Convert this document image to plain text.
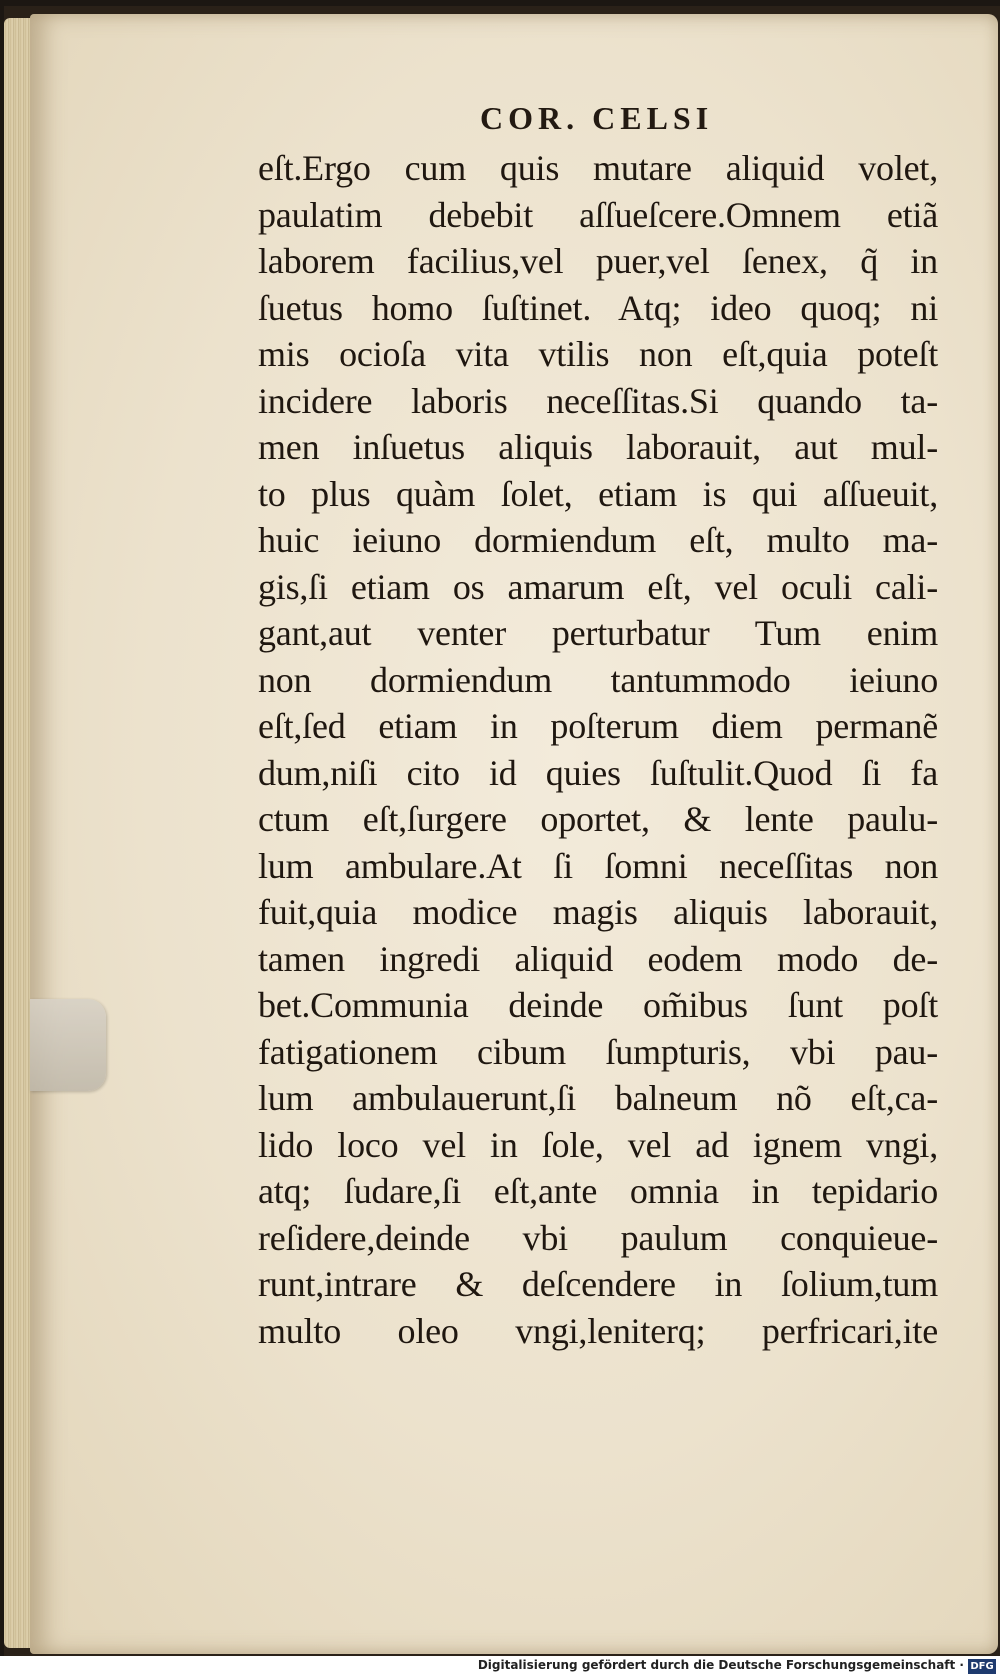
COR. CELSI
eſt.Ergo cum quis mutare aliquid volet,
paulatim debebit aſſueſcere.Omnem etiã
laborem facilius,vel puer,vel ſenex, q̃ in
ſuetus homo ſuſtinet. Atq; ideo quoq; ni
mis ocioſa vita vtilis non eſt,quia poteſt
incidere laboris neceſſitas.Si quando ta-
men inſuetus aliquis laborauit, aut mul-
to plus quàm ſolet, etiam is qui aſſueuit,
huic ieiuno dormiendum eſt, multo ma-
gis,ſi etiam os amarum eſt, vel oculi cali-
gant,aut venter perturbatur Tum enim
non dormiendum tantummodo ieiuno
eſt,ſed etiam in poſterum diem permanẽ
dum,niſi cito id quies ſuſtulit.Quod ſi fa
ctum eſt,ſurgere oportet, & lente paulu-
lum ambulare.At ſi ſomni neceſſitas non
fuit,quia modice magis aliquis laborauit,
tamen ingredi aliquid eodem modo de-
bet.Communia deinde om̃ibus ſunt poſt
fatigationem cibum ſumpturis, vbi pau-
lum ambulauerunt,ſi balneum nõ eſt,ca-
lido loco vel in ſole, vel ad ignem vngi,
atq; ſudare,ſi eſt,ante omnia in tepidario
reſidere,deinde vbi paulum conquieue-
runt,intrare & deſcendere in ſolium,tum
multo oleo vngi,leniterq; perfricari,ite
Digitalisierung gefördert durch die Deutsche Forschungsgemeinschaft · DFG
